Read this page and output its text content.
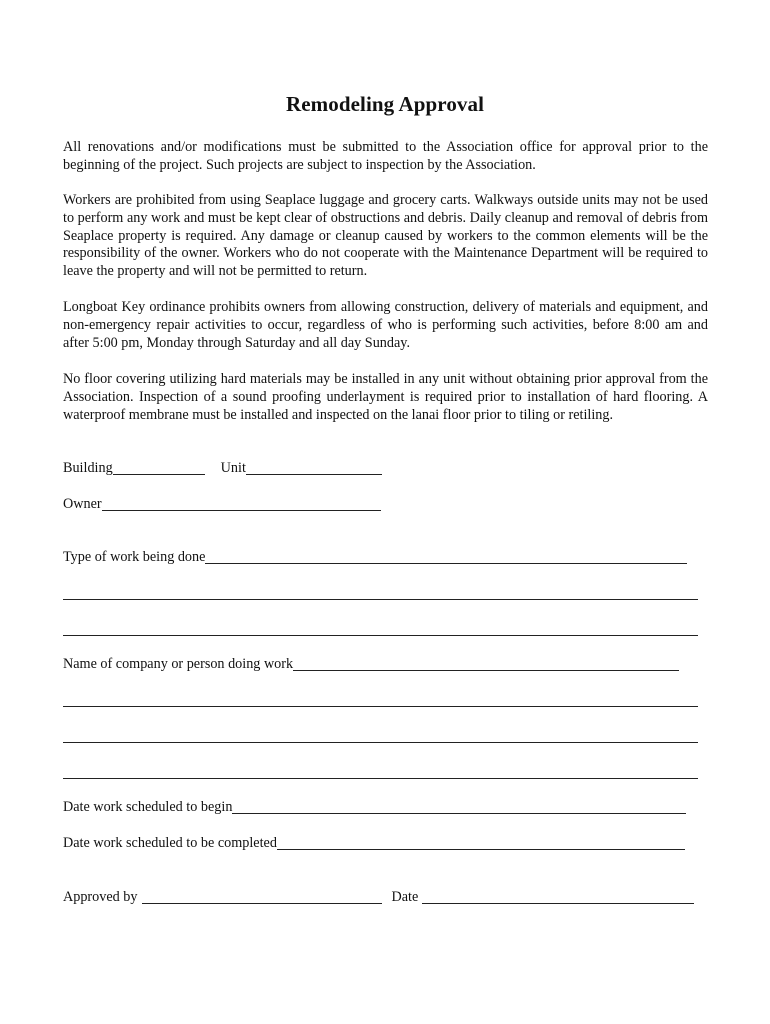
Remodeling Approval

All renovations and/or modifications must be submitted to the Association office for approval prior to the beginning of the project. Such projects are subject to inspection by the Association.

Workers are prohibited from using Seaplace luggage and grocery carts. Walkways outside units may not be used to perform any work and must be kept clear of obstructions and debris. Daily cleanup and removal of debris from Seaplace property is required. Any damage or cleanup caused by workers to the common elements will be the responsibility of the owner. Workers who do not cooperate with the Maintenance Department will be required to leave the property and will not be permitted to return.

Longboat Key ordinance prohibits owners from allowing construction, delivery of materials and equipment, and non-emergency repair activities to occur, regardless of who is performing such activities, before 8:00 am and after 5:00 pm, Monday through Saturday and all day Sunday.

No floor covering utilizing hard materials may be installed in any unit without obtaining prior approval from the Association. Inspection of a sound proofing underlayment is required prior to installation of hard flooring. A waterproof membrane must be installed and inspected on the lanai floor prior to tiling or retiling.

Building	Unit
Owner
Type of work being done
Name of company or person doing work
Date work scheduled to begin
Date work scheduled to be completed
Approved by	Date
